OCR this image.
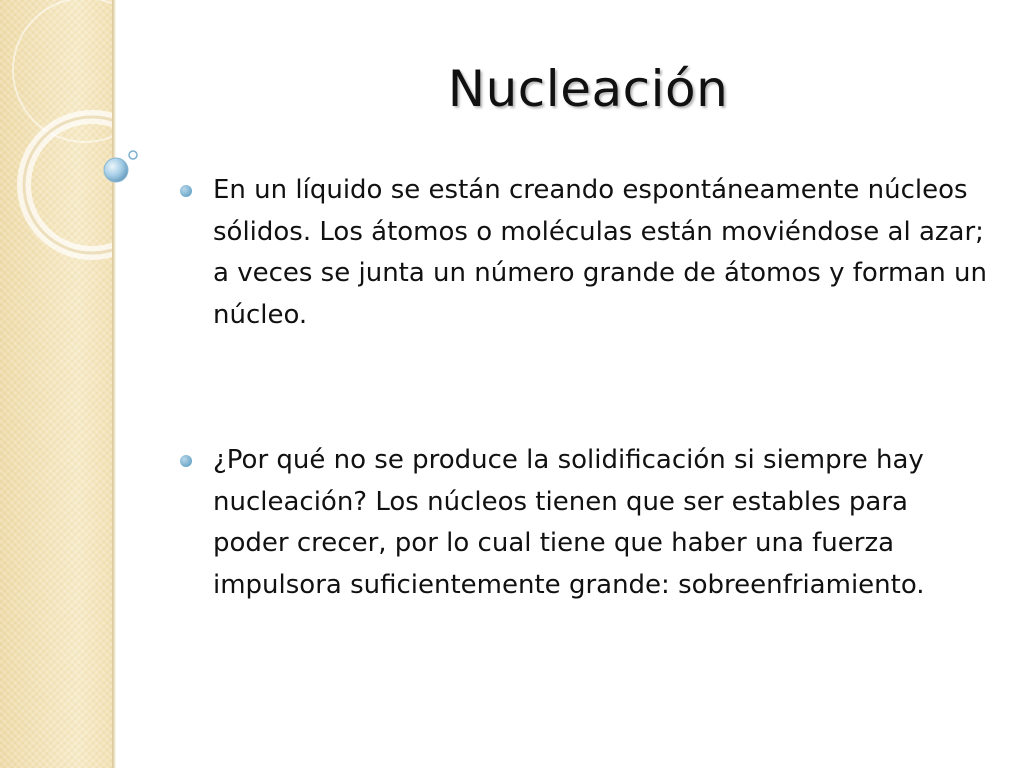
Nucleación
En un líquido se están creando espontáneamente núcleos sólidos. Los átomos o moléculas están moviéndose al azar; a veces se junta un número grande de átomos y forman un núcleo.
¿Por qué no se produce la solidificación si siempre hay nucleación? Los núcleos tienen que ser estables para poder crecer, por lo cual tiene que haber una fuerza impulsora suficientemente grande: sobreenfriamiento.
